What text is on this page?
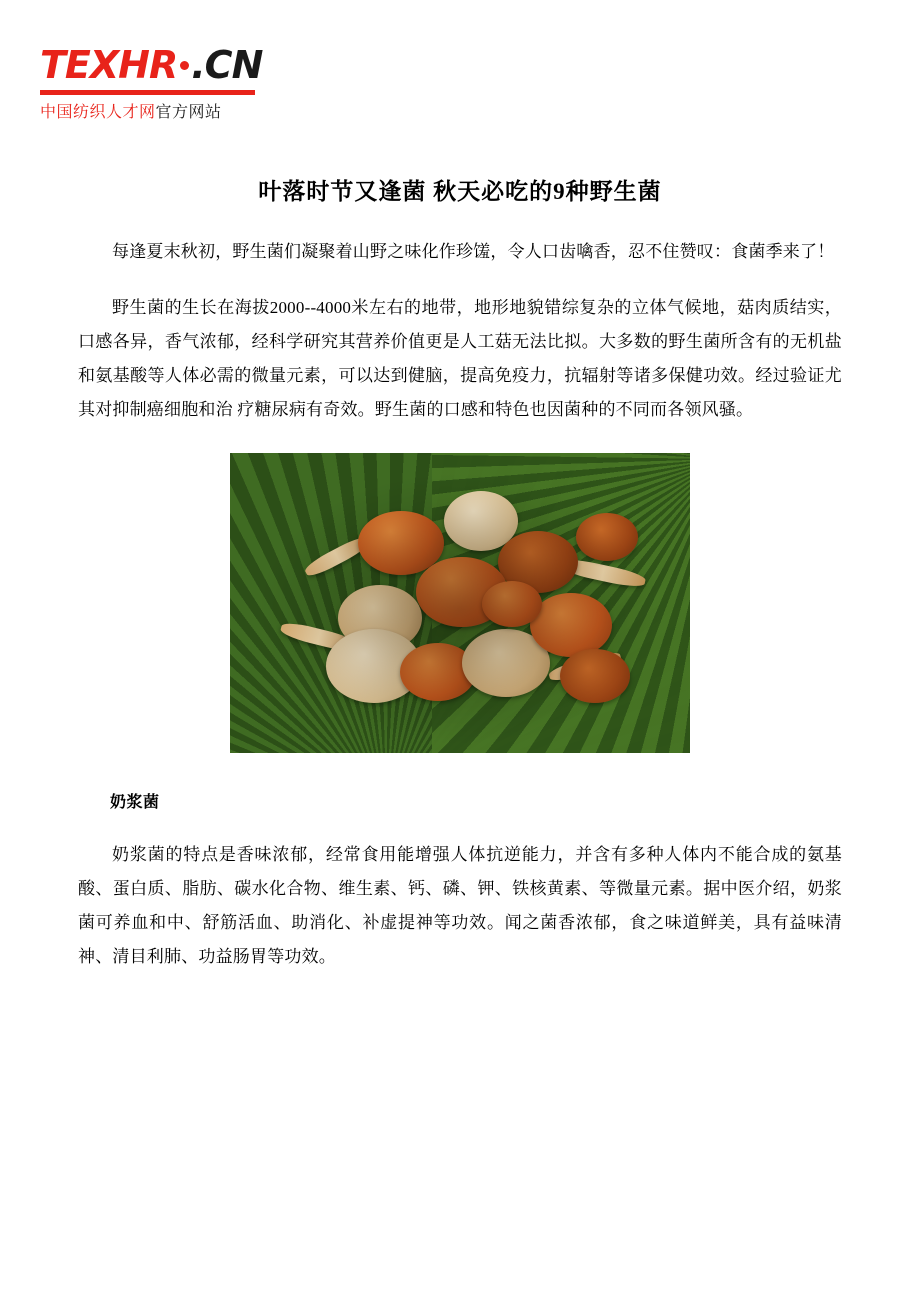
TEXHR .CN
中国纺织人才网官方网站
叶落时节又逢菌 秋天必吃的9种野生菌

每逢夏末秋初，野生菌们凝聚着山野之味化作珍馐，令人口齿噙香，忍不住赞叹：食菌季来了！

野生菌的生长在海拔2000--4000米左右的地带，地形地貌错综复杂的立体气候地，菇肉质结实，口感各异，香气浓郁，经科学研究其营养价值更是人工菇无法比拟。大多数的野生菌所含有的无机盐和氨基酸等人体必需的微量元素，可以达到健脑，提高免疫力，抗辐射等诸多保健功效。经过验证尤其对抑制癌细胞和治 疗糖尿病有奇效。野生菌的口感和特色也因菌种的不同而各领风骚。

奶浆菌

奶浆菌的特点是香味浓郁，经常食用能增强人体抗逆能力，并含有多种人体内不能合成的氨基酸、蛋白质、脂肪、碳水化合物、维生素、钙、磷、钾、铁核黄素、等微量元素。据中医介绍，奶浆菌可养血和中、舒筋活血、助消化、补虚提神等功效。闻之菌香浓郁，食之味道鲜美，具有益味清神、清目利肺、功益肠胃等功效。
